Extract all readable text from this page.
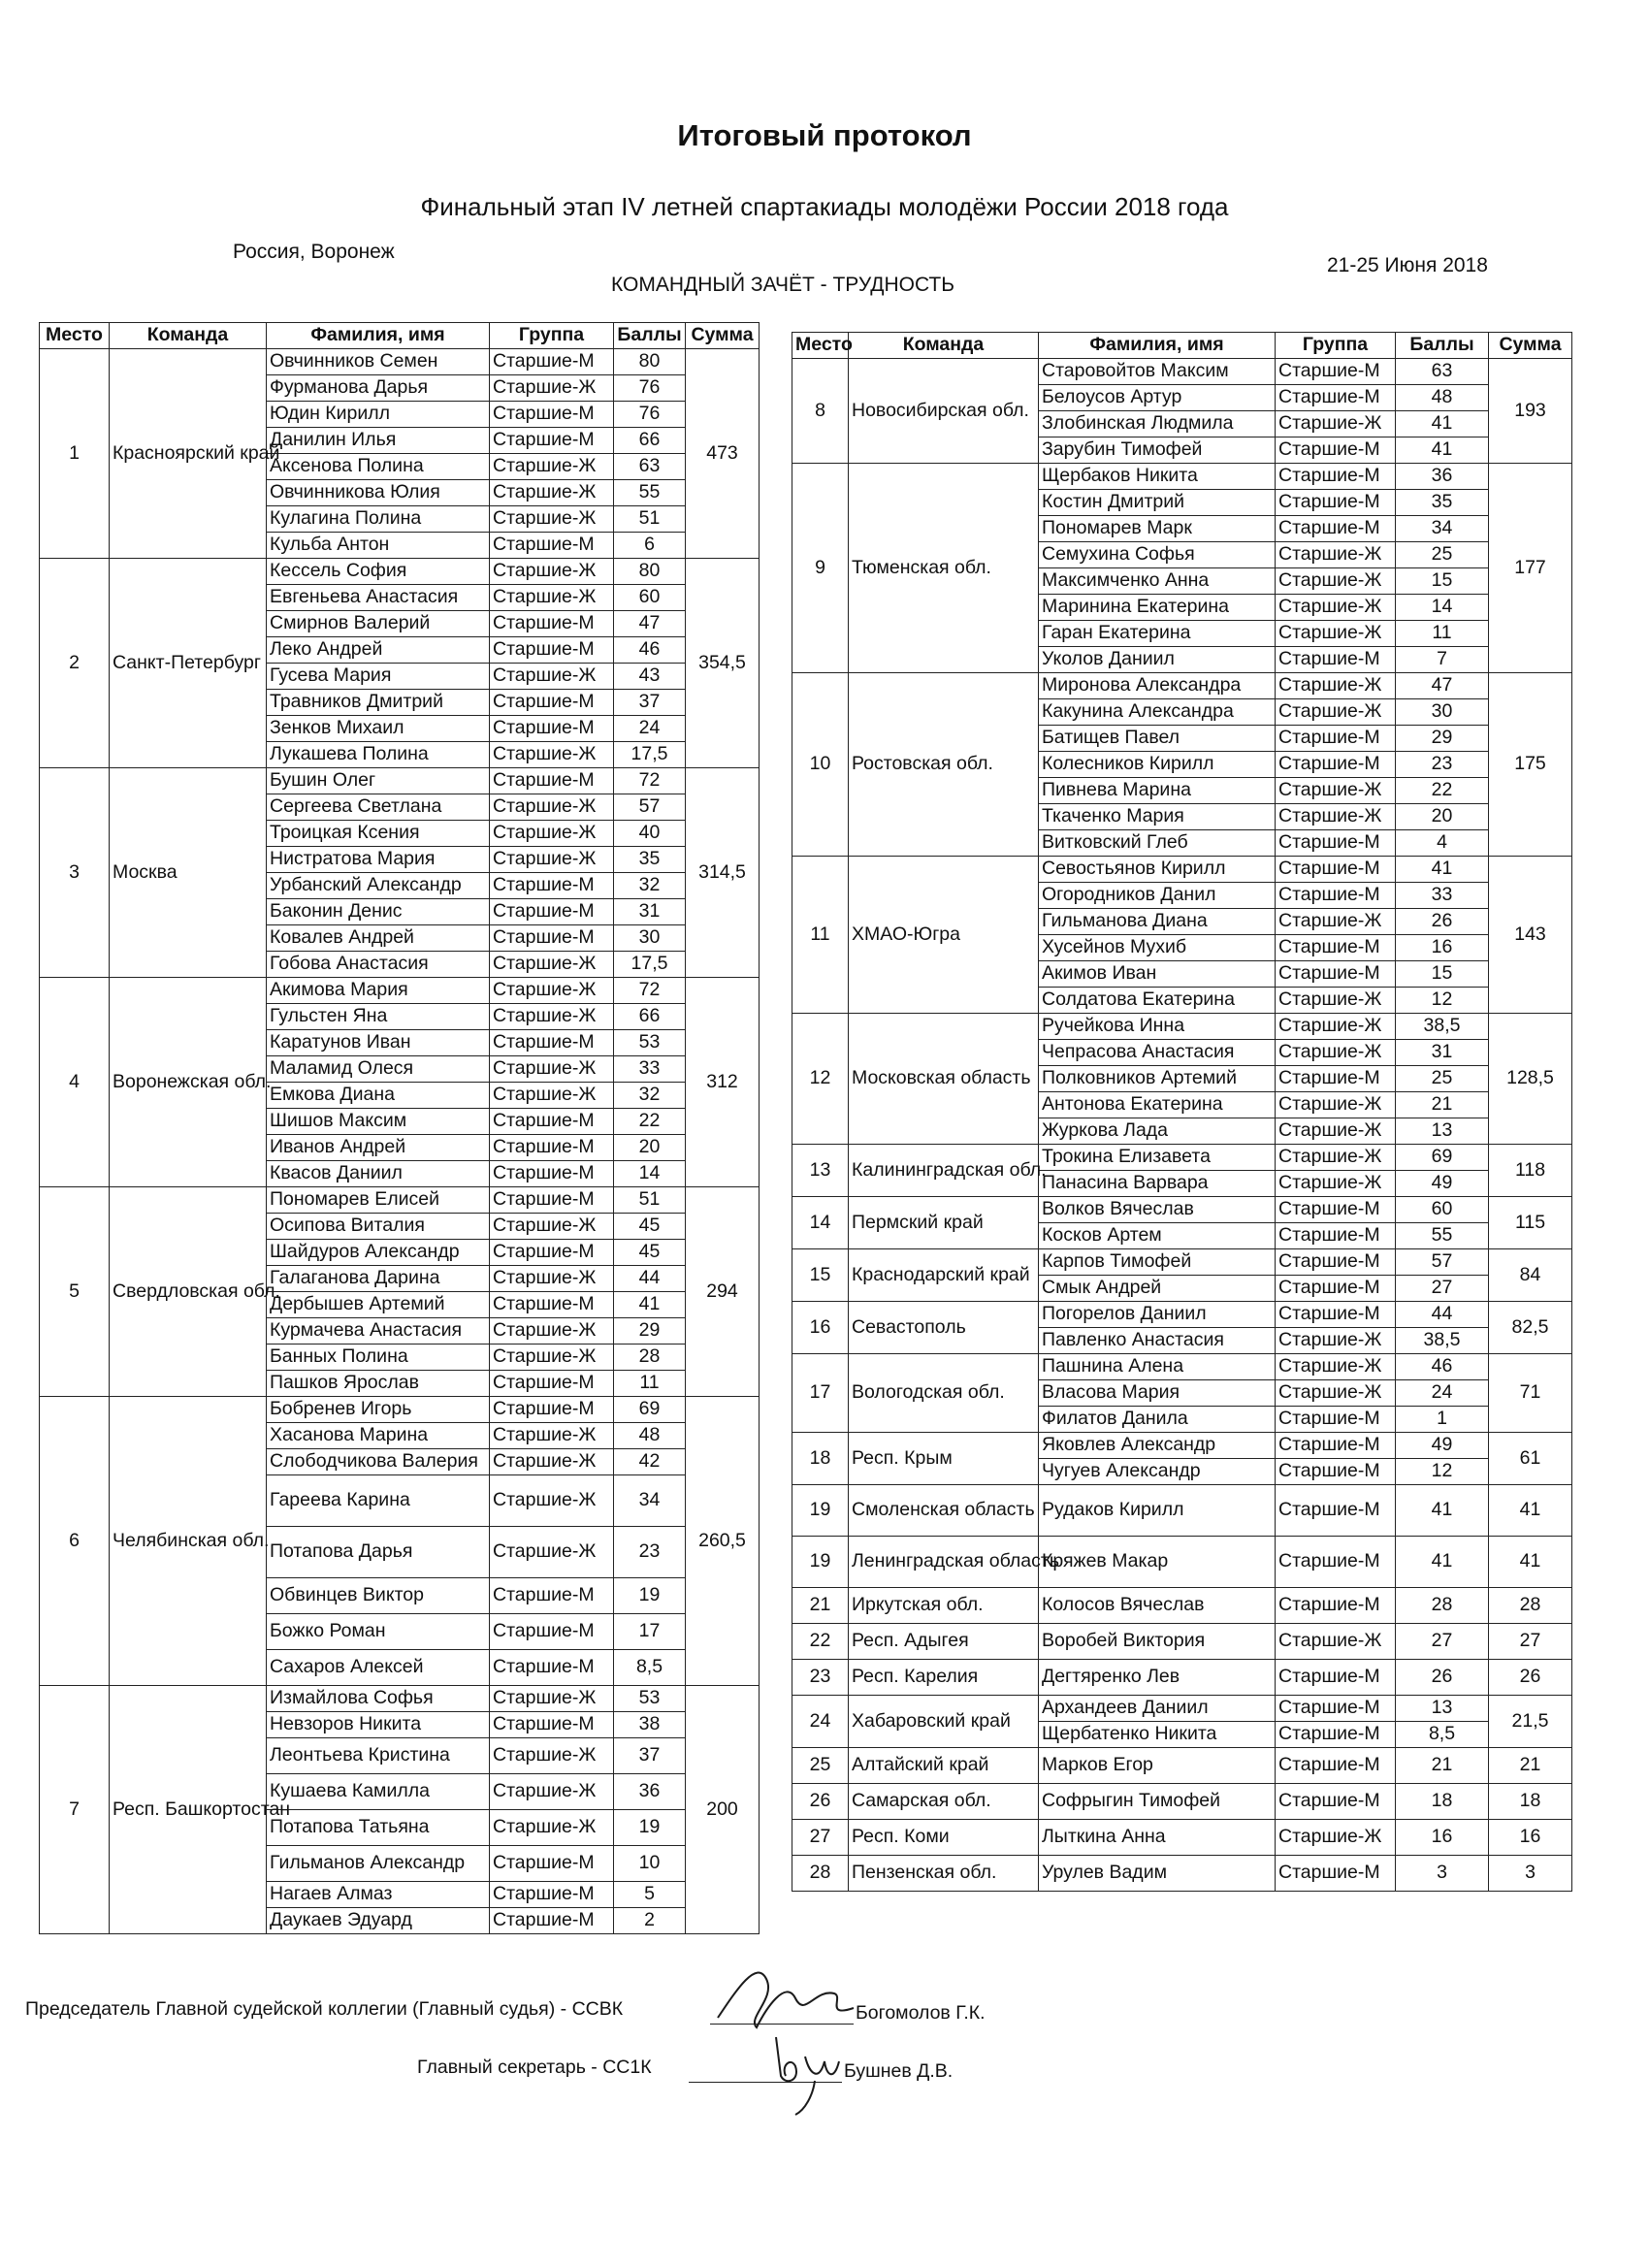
Итоговый протокол
Финальный этап IV летней спартакиады молодёжи России 2018 года
Россия, Воронеж
21-25 Июня 2018
КОМАНДНЫЙ ЗАЧЁТ - ТРУДНОСТЬ
Место	Команда	Фамилия, имя	Группа	Баллы	Сумма
1	Красноярский край	Овчинников Семен	Старшие-М	80	473
		Фурманова Дарья	Старшие-Ж	76	
		Юдин Кирилл	Старшие-М	76	
		Данилин Илья	Старшие-М	66	
		Аксенова Полина	Старшие-Ж	63	
		Овчинникова Юлия	Старшие-Ж	55	
		Кулагина Полина	Старшие-Ж	51	
		Кульба Антон	Старшие-М	6	
2	Санкт-Петербург	Кессель София	Старшие-Ж	80	354,5
		Евгеньева Анастасия	Старшие-Ж	60	
		Смирнов Валерий	Старшие-М	47	
		Леко Андрей	Старшие-М	46	
		Гусева Мария	Старшие-Ж	43	
		Травников Дмитрий	Старшие-М	37	
		Зенков Михаил	Старшие-М	24	
		Лукашева Полина	Старшие-Ж	17,5	
3	Москва	Бушин Олег	Старшие-М	72	314,5
		Сергеева Светлана	Старшие-Ж	57	
		Троицкая Ксения	Старшие-Ж	40	
		Нистратова Мария	Старшие-Ж	35	
		Урбанский Александр	Старшие-М	32	
		Баконин Денис	Старшие-М	31	
		Ковалев Андрей	Старшие-М	30	
		Гобова Анастасия	Старшие-Ж	17,5	
4	Воронежская обл.	Акимова Мария	Старшие-Ж	72	312
		Гульстен Яна	Старшие-Ж	66	
		Каратунов Иван	Старшие-М	53	
		Маламид Олеся	Старшие-Ж	33	
		Емкова Диана	Старшие-Ж	32	
		Шишов Максим	Старшие-М	22	
		Иванов Андрей	Старшие-М	20	
		Квасов Даниил	Старшие-М	14	
5	Свердловская обл.	Пономарев Елисей	Старшие-М	51	294
		Осипова Виталия	Старшие-Ж	45	
		Шайдуров Александр	Старшие-М	45	
		Галаганова Дарина	Старшие-Ж	44	
		Дербышев Артемий	Старшие-М	41	
		Курмачева Анастасия	Старшие-Ж	29	
		Банных Полина	Старшие-Ж	28	
		Пашков Ярослав	Старшие-М	11	
6	Челябинская обл.	Бобренев Игорь	Старшие-М	69	260,5
		Хасанова Марина	Старшие-Ж	48	
		Слободчикова Валерия	Старшие-Ж	42	
		Гареева Карина	Старшие-Ж	34	
		Потапова Дарья	Старшие-Ж	23	
		Обвинцев Виктор	Старшие-М	19	
		Божко Роман	Старшие-М	17	
		Сахаров Алексей	Старшие-М	8,5	
7	Респ. Башкортостан	Измайлова Софья	Старшие-Ж	53	200
		Невзоров Никита	Старшие-М	38	
		Леонтьева Кристина	Старшие-Ж	37	
		Кушаева Камилла	Старшие-Ж	36	
		Потапова Татьяна	Старшие-Ж	19	
		Гильманов Александр	Старшие-М	10	
		Нагаев Алмаз	Старшие-М	5	
		Даукаев Эдуард	Старшие-М	2	
Место	Команда	Фамилия, имя	Группа	Баллы	Сумма
8	Новосибирская обл.	Старовойтов Максим	Старшие-М	63	193
		Белоусов Артур	Старшие-М	48	
		Злобинская Людмила	Старшие-Ж	41	
		Зарубин Тимофей	Старшие-М	41	
9	Тюменская обл.	Щербаков Никита	Старшие-М	36	177
		Костин Дмитрий	Старшие-М	35	
		Пономарев Марк	Старшие-М	34	
		Семухина Софья	Старшие-Ж	25	
		Максимченко Анна	Старшие-Ж	15	
		Маринина Екатерина	Старшие-Ж	14	
		Гаран Екатерина	Старшие-Ж	11	
		Уколов Даниил	Старшие-М	7	
10	Ростовская обл.	Миронова Александра	Старшие-Ж	47	175
		Какунина Александра	Старшие-Ж	30	
		Батищев Павел	Старшие-М	29	
		Колесников Кирилл	Старшие-М	23	
		Пивнева Марина	Старшие-Ж	22	
		Ткаченко Мария	Старшие-Ж	20	
		Витковский Глеб	Старшие-М	4	
11	ХМАО-Югра	Севостьянов Кирилл	Старшие-М	41	143
		Огородников Данил	Старшие-М	33	
		Гильманова Диана	Старшие-Ж	26	
		Хусейнов Мухиб	Старшие-М	16	
		Акимов Иван	Старшие-М	15	
		Солдатова Екатерина	Старшие-Ж	12	
12	Московская область	Ручейкова Инна	Старшие-Ж	38,5	128,5
		Чепрасова Анастасия	Старшие-Ж	31	
		Полковников Артемий	Старшие-М	25	
		Антонова Екатерина	Старшие-Ж	21	
		Журкова Лада	Старшие-Ж	13	
13	Калининградская обл.	Трокина Елизавета	Старшие-Ж	69	118
		Панасина Варвара	Старшие-Ж	49	
14	Пермский край	Волков Вячеслав	Старшие-М	60	115
		Косков Артем	Старшие-М	55	
15	Краснодарский край	Карпов Тимофей	Старшие-М	57	84
		Смык Андрей	Старшие-М	27	
16	Севастополь	Погорелов Даниил	Старшие-М	44	82,5
		Павленко Анастасия	Старшие-Ж	38,5	
17	Вологодская обл.	Пашнина Алена	Старшие-Ж	46	71
		Власова Мария	Старшие-Ж	24	
		Филатов Данила	Старшие-М	1	
18	Респ. Крым	Яковлев Александр	Старшие-М	49	61
		Чугуев Александр	Старшие-М	12	
19	Смоленская область	Рудаков Кирилл	Старшие-М	41	41
19	Ленинградская область	Кряжев Макар	Старшие-М	41	41
21	Иркутская обл.	Колосов Вячеслав	Старшие-М	28	28
22	Респ. Адыгея	Воробей Виктория	Старшие-Ж	27	27
23	Респ. Карелия	Дегтяренко Лев	Старшие-М	26	26
24	Хабаровский край	Архандеев Даниил	Старшие-М	13	21,5
		Щербатенко Никита	Старшие-М	8,5	
25	Алтайский край	Марков Егор	Старшие-М	21	21
26	Самарская обл.	Софрыгин Тимофей	Старшие-М	18	18
27	Респ. Коми	Лыткина Анна	Старшие-Ж	16	16
28	Пензенская обл.	Урулев Вадим	Старшие-М	3	3
Председатель Главной судейской коллегии (Главный судья) - ССВК	Богомолов Г.К.
Главный секретарь - СС1К	Бушнев Д.В.
